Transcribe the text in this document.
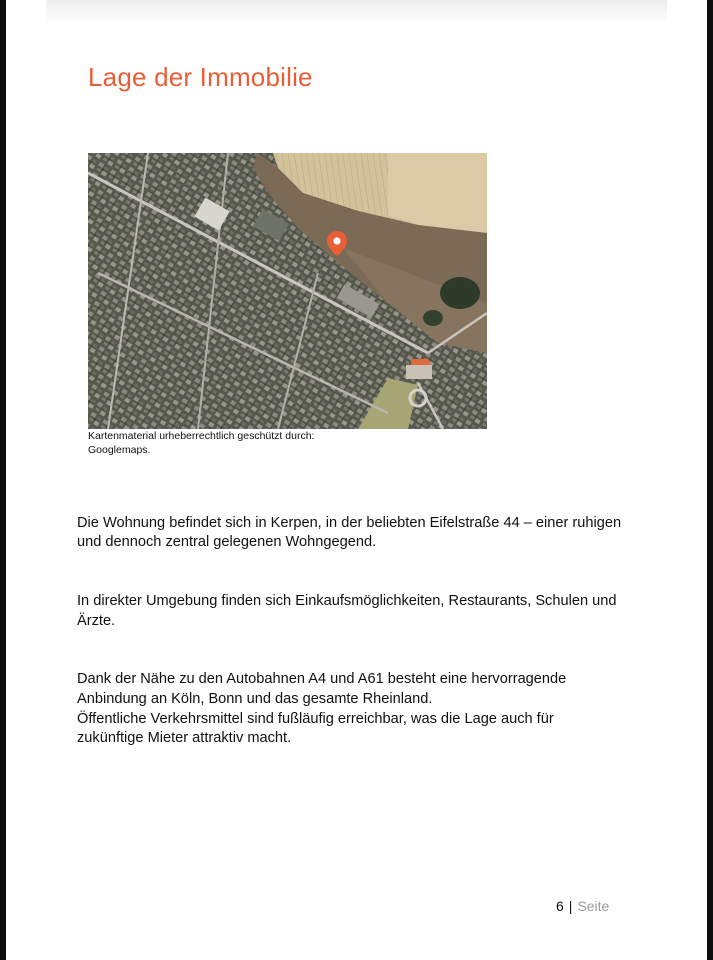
Lage der Immobilie
Kartenmaterial urheberrechtlich geschützt durch:
Googlemaps.

Die Wohnung befindet sich in Kerpen, in der beliebten Eifelstraße 44 – einer ruhigen
und dennoch zentral gelegenen Wohngegend.

In direkter Umgebung finden sich Einkaufsmöglichkeiten, Restaurants, Schulen und
Ärzte.

Dank der Nähe zu den Autobahnen A4 und A61 besteht eine hervorragende
Anbindung an Köln, Bonn und das gesamte Rheinland.
Öffentliche Verkehrsmittel sind fußläufig erreichbar, was die Lage auch für
zukünftige Mieter attraktiv macht.

6 | Seite
